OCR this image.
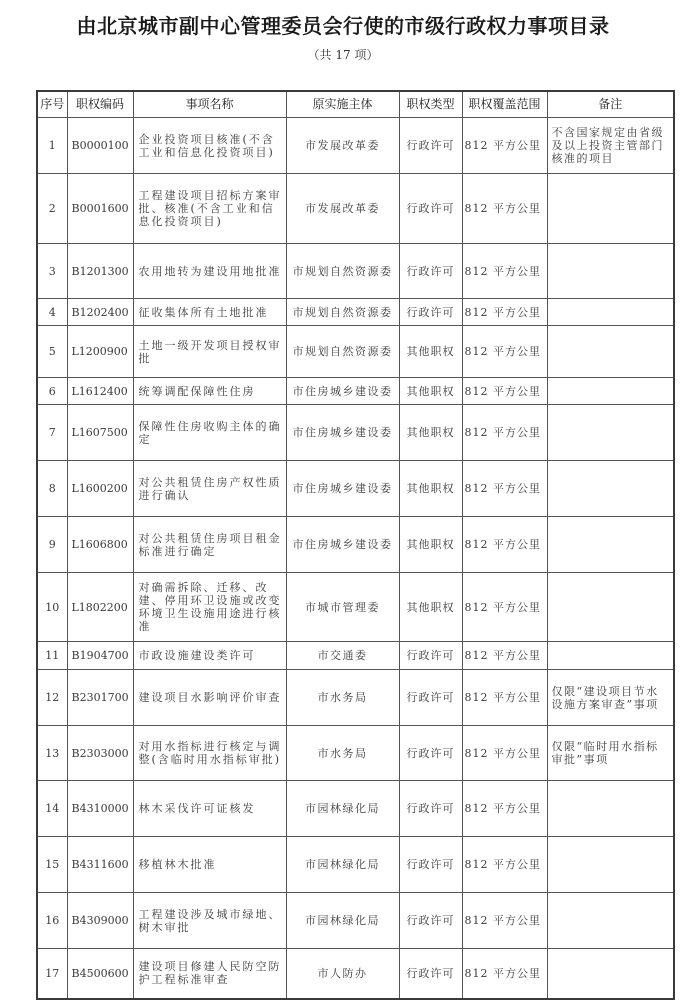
由北京城市副中心管理委员会行使的市级行政权力事项目录
（共 17 项）
序号	职权编码	事项名称	原实施主体	职权类型	职权覆盖范围	备注
1	B0000100	企业投资项目核准(不含工业和信息化投资项目)	市发展改革委	行政许可	812 平方公里	不含国家规定由省级及以上投资主管部门核准的项目
2	B0001600	工程建设项目招标方案审批、核准(不含工业和信息化投资项目)	市发展改革委	行政许可	812 平方公里	
3	B1201300	农用地转为建设用地批准	市规划自然资源委	行政许可	812 平方公里	
4	B1202400	征收集体所有土地批准	市规划自然资源委	行政许可	812 平方公里	
5	L1200900	土地一级开发项目授权审批	市规划自然资源委	其他职权	812 平方公里	
6	L1612400	统筹调配保障性住房	市住房城乡建设委	其他职权	812 平方公里	
7	L1607500	保障性住房收购主体的确定	市住房城乡建设委	其他职权	812 平方公里	
8	L1600200	对公共租赁住房产权性质进行确认	市住房城乡建设委	其他职权	812 平方公里	
9	L1606800	对公共租赁住房项目租金标准进行确定	市住房城乡建设委	其他职权	812 平方公里	
10	L1802200	对确需拆除、迁移、改建、停用环卫设施或改变环境卫生设施用途进行核准	市城市管理委	其他职权	812 平方公里	
11	B1904700	市政设施建设类许可	市交通委	行政许可	812 平方公里	
12	B2301700	建设项目水影响评价审查	市水务局	行政许可	812 平方公里	仅限“建设项目节水设施方案审查”事项
13	B2303000	对用水指标进行核定与调整(含临时用水指标审批)	市水务局	行政许可	812 平方公里	仅限“临时用水指标审批”事项
14	B4310000	林木采伐许可证核发	市园林绿化局	行政许可	812 平方公里	
15	B4311600	移植林木批准	市园林绿化局	行政许可	812 平方公里	
16	B4309000	工程建设涉及城市绿地、树木审批	市园林绿化局	行政许可	812 平方公里	
17	B4500600	建设项目修建人民防空防护工程标准审查	市人防办	行政许可	812 平方公里	
